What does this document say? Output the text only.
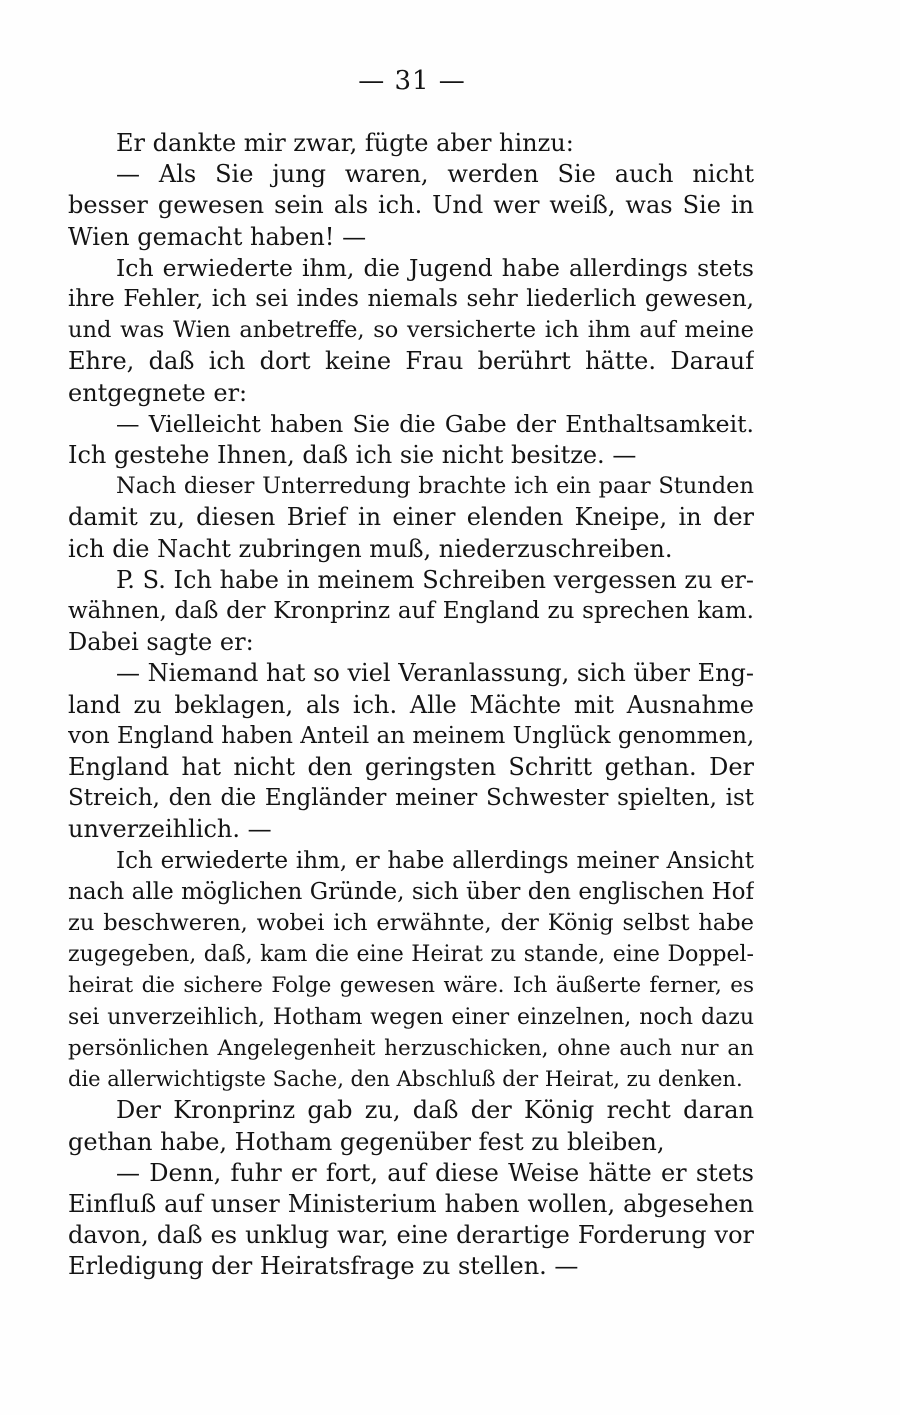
— 31 —
Er dankte mir zwar, fügte aber hinzu:
— Als Sie jung waren, werden Sie auch nicht
besser gewesen sein als ich. Und wer weiß, was Sie in
Wien gemacht haben! —
Ich erwiederte ihm, die Jugend habe allerdings stets
ihre Fehler, ich sei indes niemals sehr liederlich gewesen,
und was Wien anbetreffe, so versicherte ich ihm auf meine
Ehre, daß ich dort keine Frau berührt hätte. Darauf
entgegnete er:
— Vielleicht haben Sie die Gabe der Enthaltsamkeit.
Ich gestehe Ihnen, daß ich sie nicht besitze. —
Nach dieser Unterredung brachte ich ein paar Stunden
damit zu, diesen Brief in einer elenden Kneipe, in der
ich die Nacht zubringen muß, niederzuschreiben.
P. S. Ich habe in meinem Schreiben vergessen zu er-
wähnen, daß der Kronprinz auf England zu sprechen kam.
Dabei sagte er:
— Niemand hat so viel Veranlassung, sich über Eng-
land zu beklagen, als ich. Alle Mächte mit Ausnahme
von England haben Anteil an meinem Unglück genommen,
England hat nicht den geringsten Schritt gethan. Der
Streich, den die Engländer meiner Schwester spielten, ist
unverzeihlich. —
Ich erwiederte ihm, er habe allerdings meiner Ansicht
nach alle möglichen Gründe, sich über den englischen Hof
zu beschweren, wobei ich erwähnte, der König selbst habe
zugegeben, daß, kam die eine Heirat zu stande, eine Doppel-
heirat die sichere Folge gewesen wäre. Ich äußerte ferner, es
sei unverzeihlich, Hotham wegen einer einzelnen, noch dazu
persönlichen Angelegenheit herzuschicken, ohne auch nur an
die allerwichtigste Sache, den Abschluß der Heirat, zu denken.
Der Kronprinz gab zu, daß der König recht daran
gethan habe, Hotham gegenüber fest zu bleiben,
— Denn, fuhr er fort, auf diese Weise hätte er stets
Einfluß auf unser Ministerium haben wollen, abgesehen
davon, daß es unklug war, eine derartige Forderung vor
Erledigung der Heiratsfrage zu stellen. —
